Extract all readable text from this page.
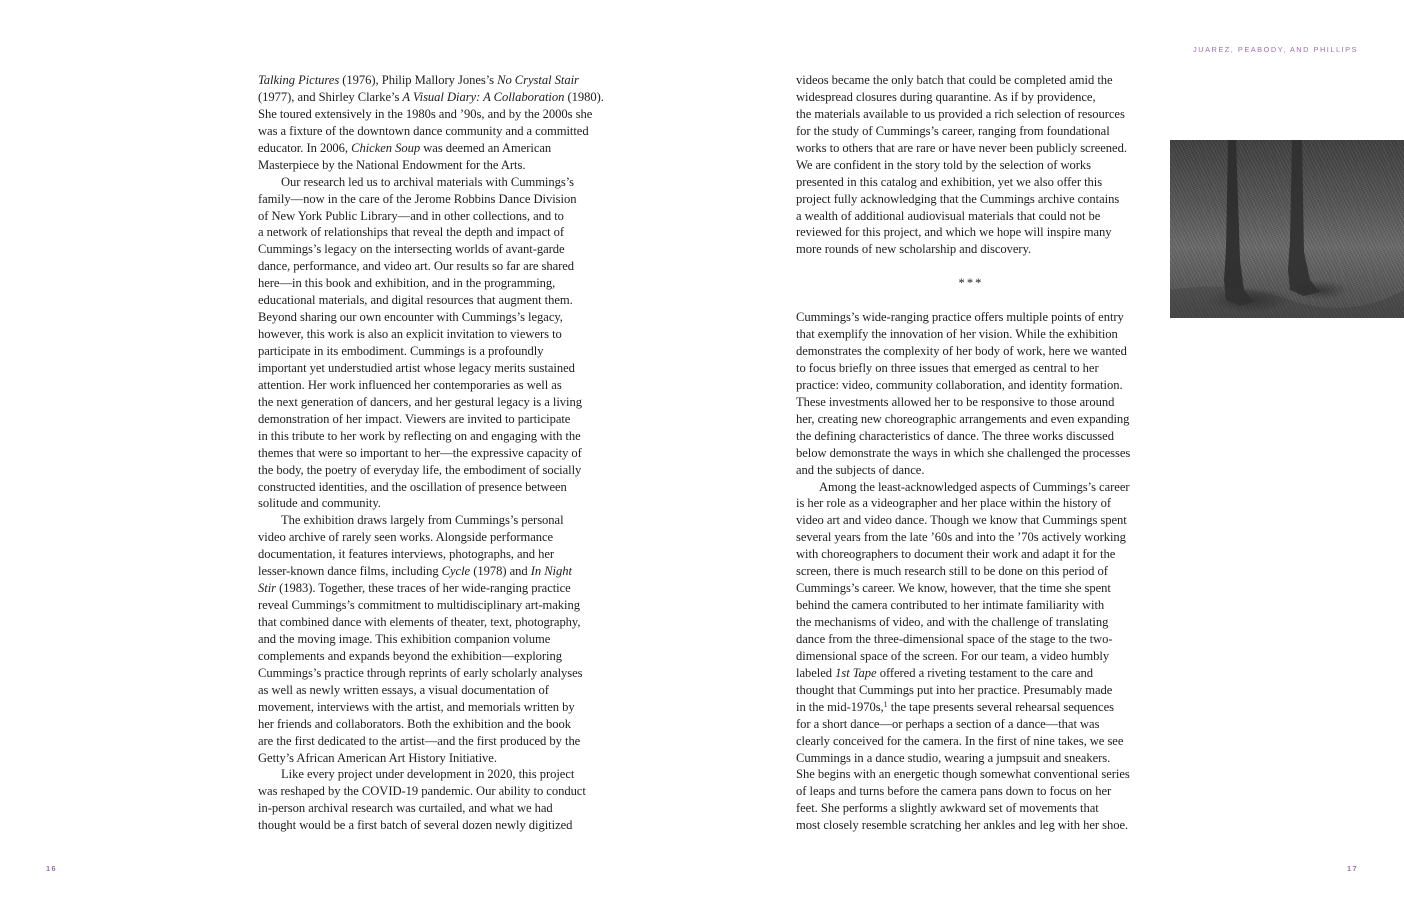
JUAREZ, PEABODY, AND PHILLIPS
Talking Pictures (1976), Philip Mallory Jones’s No Crystal Stair
(1977), and Shirley Clarke’s A Visual Diary: A Collaboration (1980).
She toured extensively in the 1980s and ’90s, and by the 2000s she
was a fixture of the downtown dance community and a committed
educator. In 2006, Chicken Soup was deemed an American
Masterpiece by the National Endowment for the Arts.
Our research led us to archival materials with Cummings’s
family—now in the care of the Jerome Robbins Dance Division
of New York Public Library—and in other collections, and to
a network of relationships that reveal the depth and impact of
Cummings’s legacy on the intersecting worlds of avant-garde
dance, performance, and video art. Our results so far are shared
here—in this book and exhibition, and in the programming,
educational materials, and digital resources that augment them.
Beyond sharing our own encounter with Cummings’s legacy,
however, this work is also an explicit invitation to viewers to
participate in its embodiment. Cummings is a profoundly
important yet understudied artist whose legacy merits sustained
attention. Her work influenced her contemporaries as well as
the next generation of dancers, and her gestural legacy is a living
demonstration of her impact. Viewers are invited to participate
in this tribute to her work by reflecting on and engaging with the
themes that were so important to her—the expressive capacity of
the body, the poetry of everyday life, the embodiment of socially
constructed identities, and the oscillation of presence between
solitude and community.
The exhibition draws largely from Cummings’s personal
video archive of rarely seen works. Alongside performance
documentation, it features interviews, photographs, and her
lesser-known dance films, including Cycle (1978) and In Night
Stir (1983). Together, these traces of her wide-ranging practice
reveal Cummings’s commitment to multidisciplinary art-making
that combined dance with elements of theater, text, photography,
and the moving image. This exhibition companion volume
complements and expands beyond the exhibition—exploring
Cummings’s practice through reprints of early scholarly analyses
as well as newly written essays, a visual documentation of
movement, interviews with the artist, and memorials written by
her friends and collaborators. Both the exhibition and the book
are the first dedicated to the artist—and the first produced by the
Getty’s African American Art History Initiative.
Like every project under development in 2020, this project
was reshaped by the COVID-19 pandemic. Our ability to conduct
in-person archival research was curtailed, and what we had
thought would be a first batch of several dozen newly digitized
videos became the only batch that could be completed amid the
widespread closures during quarantine. As if by providence,
the materials available to us provided a rich selection of resources
for the study of Cummings’s career, ranging from foundational
works to others that are rare or have never been publicly screened.
We are confident in the story told by the selection of works
presented in this catalog and exhibition, yet we also offer this
project fully acknowledging that the Cummings archive contains
a wealth of additional audiovisual materials that could not be
reviewed for this project, and which we hope will inspire many
more rounds of new scholarship and discovery.
***
Cummings’s wide-ranging practice offers multiple points of entry
that exemplify the innovation of her vision. While the exhibition
demonstrates the complexity of her body of work, here we wanted
to focus briefly on three issues that emerged as central to her
practice: video, community collaboration, and identity formation.
These investments allowed her to be responsive to those around
her, creating new choreographic arrangements and even expanding
the defining characteristics of dance. The three works discussed
below demonstrate the ways in which she challenged the processes
and the subjects of dance.
Among the least-acknowledged aspects of Cummings’s career
is her role as a videographer and her place within the history of
video art and video dance. Though we know that Cummings spent
several years from the late ’60s and into the ’70s actively working
with choreographers to document their work and adapt it for the
screen, there is much research still to be done on this period of
Cummings’s career. We know, however, that the time she spent
behind the camera contributed to her intimate familiarity with
the mechanisms of video, and with the challenge of translating
dance from the three-dimensional space of the stage to the two-
dimensional space of the screen. For our team, a video humbly
labeled 1st Tape offered a riveting testament to the care and
thought that Cummings put into her practice. Presumably made
in the mid-1970s,$^1$ the tape presents several rehearsal sequences
for a short dance—or perhaps a section of a dance—that was
clearly conceived for the camera. In the first of nine takes, we see
Cummings in a dance studio, wearing a jumpsuit and sneakers.
She begins with an energetic though somewhat conventional series
of leaps and turns before the camera pans down to focus on her
feet. She performs a slightly awkward set of movements that
most closely resemble scratching her ankles and leg with her shoe.
16	17
